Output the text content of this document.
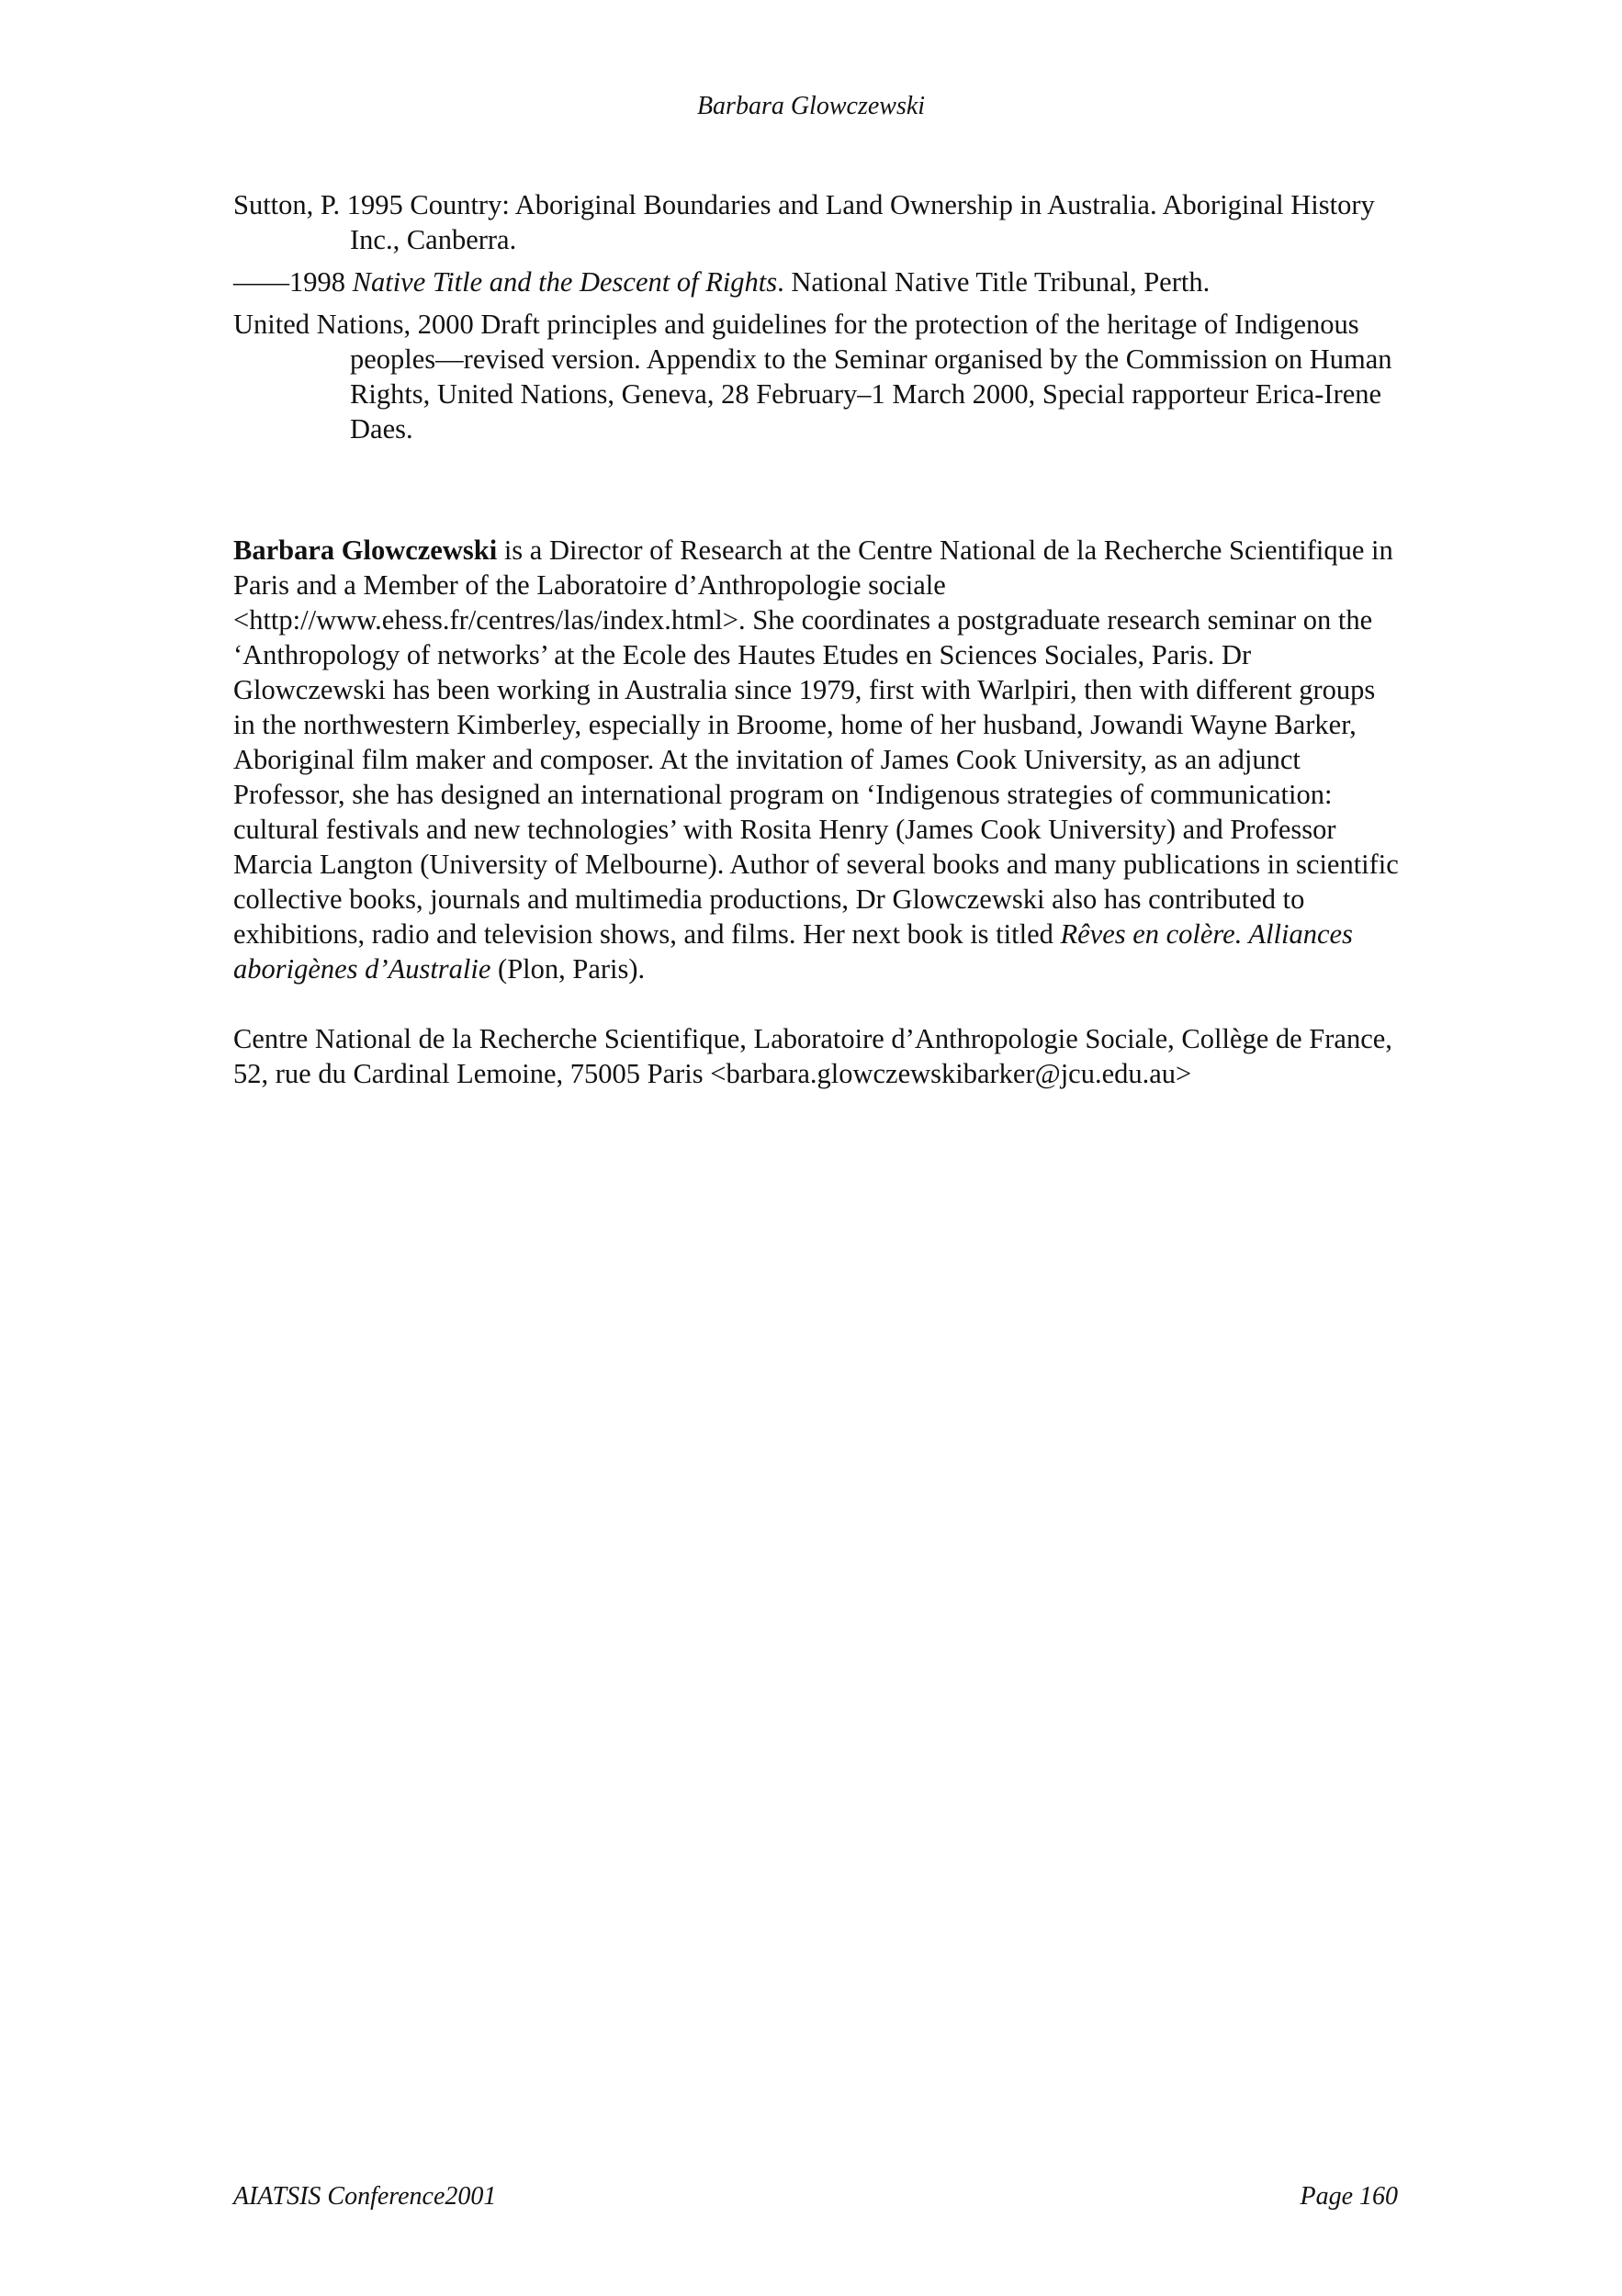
Barbara Glowczewski

Sutton, P. 1995 Country: Aboriginal Boundaries and Land Ownership in Australia. Aboriginal History Inc., Canberra.

——1998 Native Title and the Descent of Rights. National Native Title Tribunal, Perth.

United Nations, 2000 Draft principles and guidelines for the protection of the heritage of Indigenous peoples—revised version. Appendix to the Seminar organised by the Commission on Human Rights, United Nations, Geneva, 28 February–1 March 2000, Special rapporteur Erica-Irene Daes.

Barbara Glowczewski is a Director of Research at the Centre National de la Recherche Scientifique in Paris and a Member of the Laboratoire d’Anthropologie sociale <http://www.ehess.fr/centres/las/index.html>. She coordinates a postgraduate research seminar on the ‘Anthropology of networks’ at the Ecole des Hautes Etudes en Sciences Sociales, Paris. Dr Glowczewski has been working in Australia since 1979, first with Warlpiri, then with different groups in the northwestern Kimberley, especially in Broome, home of her husband, Jowandi Wayne Barker, Aboriginal film maker and composer. At the invitation of James Cook University, as an adjunct Professor, she has designed an international program on ‘Indigenous strategies of communication: cultural festivals and new technologies’ with Rosita Henry (James Cook University) and Professor Marcia Langton (University of Melbourne). Author of several books and many publications in scientific collective books, journals and multimedia productions, Dr Glowczewski also has contributed to exhibitions, radio and television shows, and films. Her next book is titled Rêves en colère. Alliances aborigènes d’Australie (Plon, Paris).

Centre National de la Recherche Scientifique, Laboratoire d’Anthropologie Sociale, Collège de France, 52, rue du Cardinal Lemoine, 75005 Paris <barbara.glowczewskibarker@jcu.edu.au>

AIATSIS Conference2001	Page 160
